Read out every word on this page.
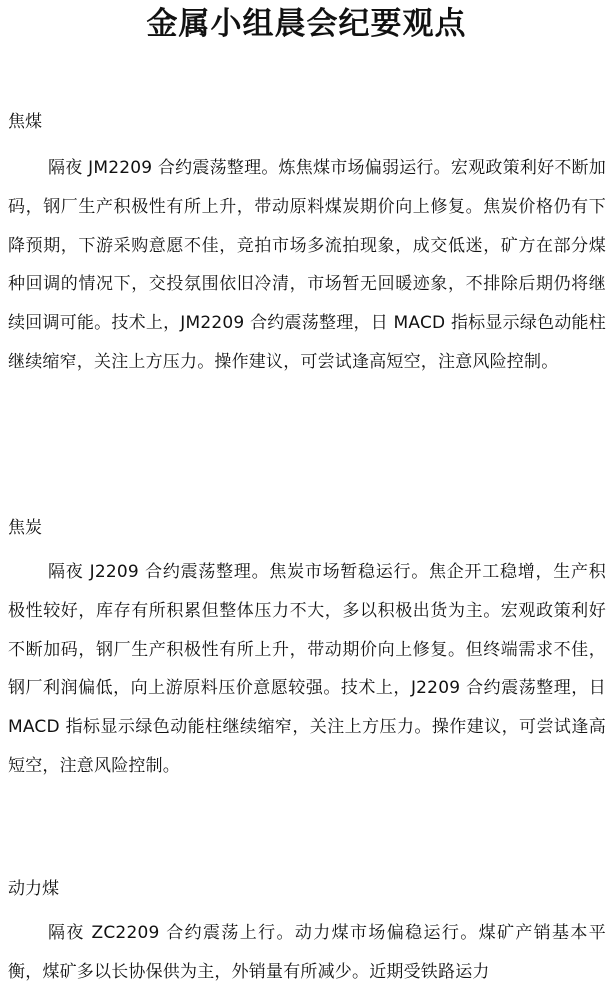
金属小组晨会纪要观点
焦煤

隔夜 JM2209 合约震荡整理。炼焦煤市场偏弱运行。宏观政策利好不断加码，钢厂生产积极性有所上升，带动原料煤炭期价向上修复。焦炭价格仍有下降预期，下游采购意愿不佳，竞拍市场多流拍现象，成交低迷，矿方在部分煤种回调的情况下，交投氛围依旧冷清，市场暂无回暖迹象，不排除后期仍将继续回调可能。技术上，JM2209 合约震荡整理，日 MACD 指标显示绿色动能柱继续缩窄，关注上方压力。操作建议，可尝试逢高短空，注意风险控制。

焦炭

隔夜 J2209 合约震荡整理。焦炭市场暂稳运行。焦企开工稳增，生产积极性较好，库存有所积累但整体压力不大，多以积极出货为主。宏观政策利好不断加码，钢厂生产积极性有所上升，带动期价向上修复。但终端需求不佳，钢厂利润偏低，向上游原料压价意愿较强。技术上，J2209 合约震荡整理，日 MACD 指标显示绿色动能柱继续缩窄，关注上方压力。操作建议，可尝试逢高短空，注意风险控制。

动力煤

隔夜 ZC2209 合约震荡上行。动力煤市场偏稳运行。煤矿产销基本平衡，煤矿多以长协保供为主，外销量有所减少。近期受铁路运力
